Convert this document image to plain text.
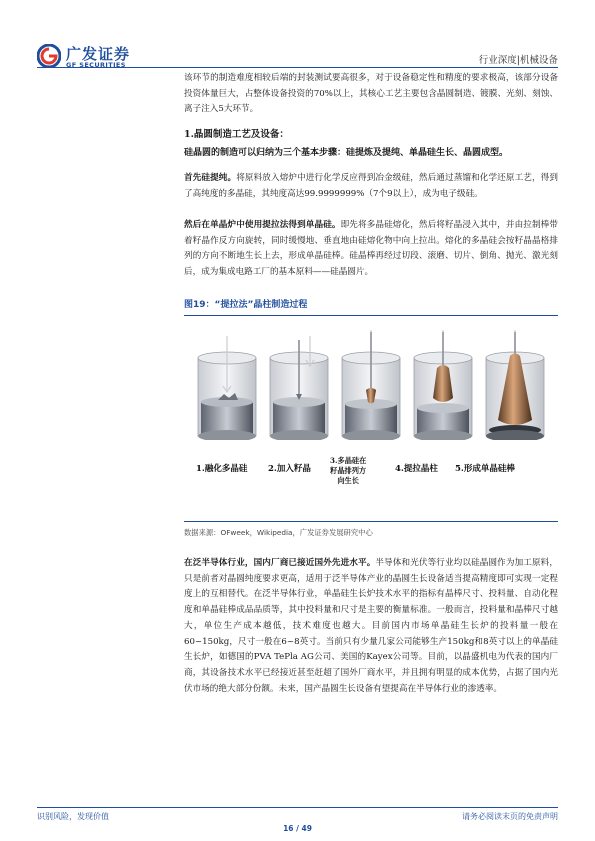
广发证券
GF SECURITIES	行业深度|机械设备
该环节的制造难度相较后端的封装测试要高很多，对于设备稳定性和精度的要求极高，该部分设备投资体量巨大，占整体设备投资的70%以上，其核心工艺主要包含晶圆制造、镀膜、光刻、刻蚀、离子注入5大环节。
1.晶圆制造工艺及设备：
硅晶圆的制造可以归纳为三个基本步骤：硅提炼及提纯、单晶硅生长、晶圆成型。
首先硅提纯。将原料放入熔炉中进行化学反应得到冶金级硅，然后通过蒸馏和化学还原工艺，得到了高纯度的多晶硅，其纯度高达99.9999999%（7个9以上），成为电子级硅。
然后在单晶炉中使用提拉法得到单晶硅。即先将多晶硅熔化，然后将籽晶浸入其中，并由拉制棒带着籽晶作反方向旋转，同时缓慢地、垂直地由硅熔化物中向上拉出。熔化的多晶硅会按籽晶晶格排列的方向不断地生长上去，形成单晶硅棒。硅晶棒再经过切段、滚磨、切片、倒角、抛光、激光刻后，成为集成电路工厂的基本原料——硅晶圆片。
图19：“提拉法”晶柱制造过程
1.融化多晶硅 2.加入籽晶
3.多晶硅在
籽晶排列方
向生长
4.提拉晶柱 5.形成单晶硅棒
数据来源：OFweek，Wikipedia，广发证券发展研究中心
在泛半导体行业，国内厂商已接近国外先进水平。半导体和光伏等行业均以硅晶圆作为加工原料，只是前者对晶圆纯度要求更高，适用于泛半导体产业的晶圆生长设备适当提高精度即可实现一定程度上的互相替代。在泛半导体行业，单晶硅生长炉技术水平的指标有晶棒尺寸、投料量、自动化程度和单晶硅棒成品品质等，其中投料量和尺寸是主要的衡量标准。一般而言，投料量和晶棒尺寸越大，单位生产成本越低，技术难度也越大。目前国内市场单晶硅生长炉的投料量一般在60~150kg，尺寸一般在6~8英寸。当前只有少量几家公司能够生产150kg和8英寸以上的单晶硅生长炉，如德国的PVA TePla AG公司、美国的Kayex公司等。目前，以晶盛机电为代表的国内厂商，其设备技术水平已经接近甚至赶超了国外厂商水平，并且拥有明显的成本优势，占据了国内光伏市场的绝大部分份额。未来，国产晶圆生长设备有望提高在半导体行业的渗透率。
识别风险，发现价值	请务必阅读末页的免责声明
16 / 49
